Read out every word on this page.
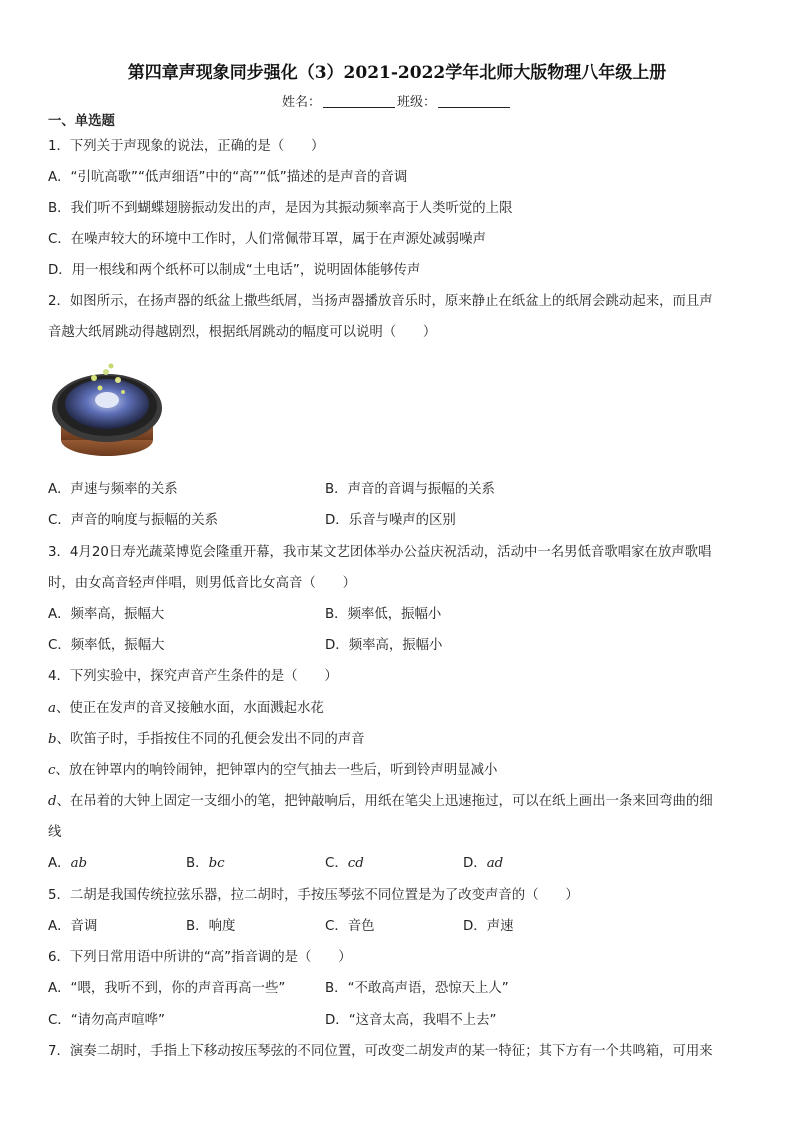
第四章声现象同步强化（3）2021-2022学年北师大版物理八年级上册
姓名：	班级：
一、单选题
1．下列关于声现象的说法，正确的是（　　）
A．“引吭高歌”“低声细语”中的“高”“低”描述的是声音的音调
B．我们听不到蝴蝶翅膀振动发出的声，是因为其振动频率高于人类听觉的上限
C．在噪声较大的环境中工作时，人们常佩带耳罩，属于在声源处减弱噪声
D．用一根线和两个纸杯可以制成“土电话”，说明固体能够传声
2．如图所示，在扬声器的纸盆上撒些纸屑，当扬声器播放音乐时，原来静止在纸盆上的纸屑会跳动起来，而且声
音越大纸屑跳动得越剧烈，根据纸屑跳动的幅度可以说明（　　）
A．声速与频率的关系	B．声音的音调与振幅的关系
C．声音的响度与振幅的关系	D．乐音与噪声的区别
3．4月20日寿光蔬菜博览会隆重开幕，我市某文艺团体举办公益庆祝活动，活动中一名男低音歌唱家在放声歌唱
时，由女高音轻声伴唱，则男低音比女高音（　　）
A．频率高，振幅大	B．频率低，振幅小
C．频率低，振幅大	D．频率高，振幅小
4．下列实验中，探究声音产生条件的是（　　）
a、使正在发声的音叉接触水面，水面溅起水花
b、吹笛子时，手指按住不同的孔便会发出不同的声音
c、放在钟罩内的响铃闹钟，把钟罩内的空气抽去一些后，听到铃声明显减小
d、在吊着的大钟上固定一支细小的笔，把钟敲响后，用纸在笔尖上迅速拖过，可以在纸上画出一条来回弯曲的细
线
A．ab	B．bc	C．cd	D．ad
5．二胡是我国传统拉弦乐器，拉二胡时，手按压琴弦不同位置是为了改变声音的（　　）
A．音调	B．响度	C．音色	D．声速
6．下列日常用语中所讲的“高”指音调的是（　　）
A．“喂，我听不到，你的声音再高一些”	B．“不敢高声语，恐惊天上人”
C．“请勿高声喧哗”	D．“这音太高，我唱不上去”
7．演奏二胡时，手指上下移动按压琴弦的不同位置，可改变二胡发声的某一特征；其下方有一个共鸣箱，可用来
